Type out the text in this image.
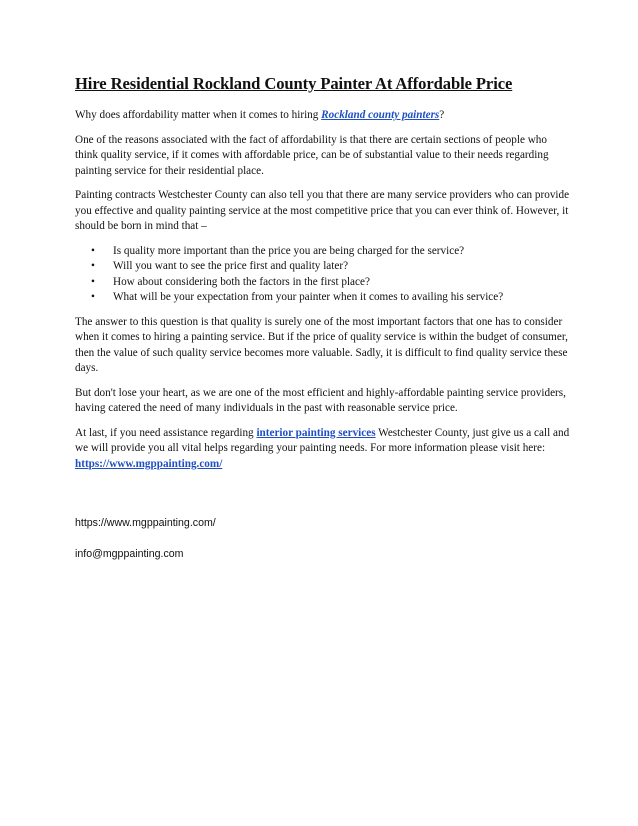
Hire Residential Rockland County Painter At Affordable Price

Why does affordability matter when it comes to hiring Rockland county painters?

One of the reasons associated with the fact of affordability is that there are certain sections of people who think quality service, if it comes with affordable price, can be of substantial value to their needs regarding painting service for their residential place.

Painting contracts Westchester County can also tell you that there are many service providers who can provide you effective and quality painting service at the most competitive price that you can ever think of. However, it should be born in mind that –

• Is quality more important than the price you are being charged for the service?
• Will you want to see the price first and quality later?
• How about considering both the factors in the first place?
• What will be your expectation from your painter when it comes to availing his service?

The answer to this question is that quality is surely one of the most important factors that one has to consider when it comes to hiring a painting service. But if the price of quality service is within the budget of consumer, then the value of such quality service becomes more valuable. Sadly, it is difficult to find quality service these days.

But don't lose your heart, as we are one of the most efficient and highly-affordable painting service providers, having catered the need of many individuals in the past with reasonable service price.

At last, if you need assistance regarding interior painting services Westchester County, just give us a call and we will provide you all vital helps regarding your painting needs. For more information please visit here: https://www.mgppainting.com/

https://www.mgppainting.com/
info@mgppainting.com
